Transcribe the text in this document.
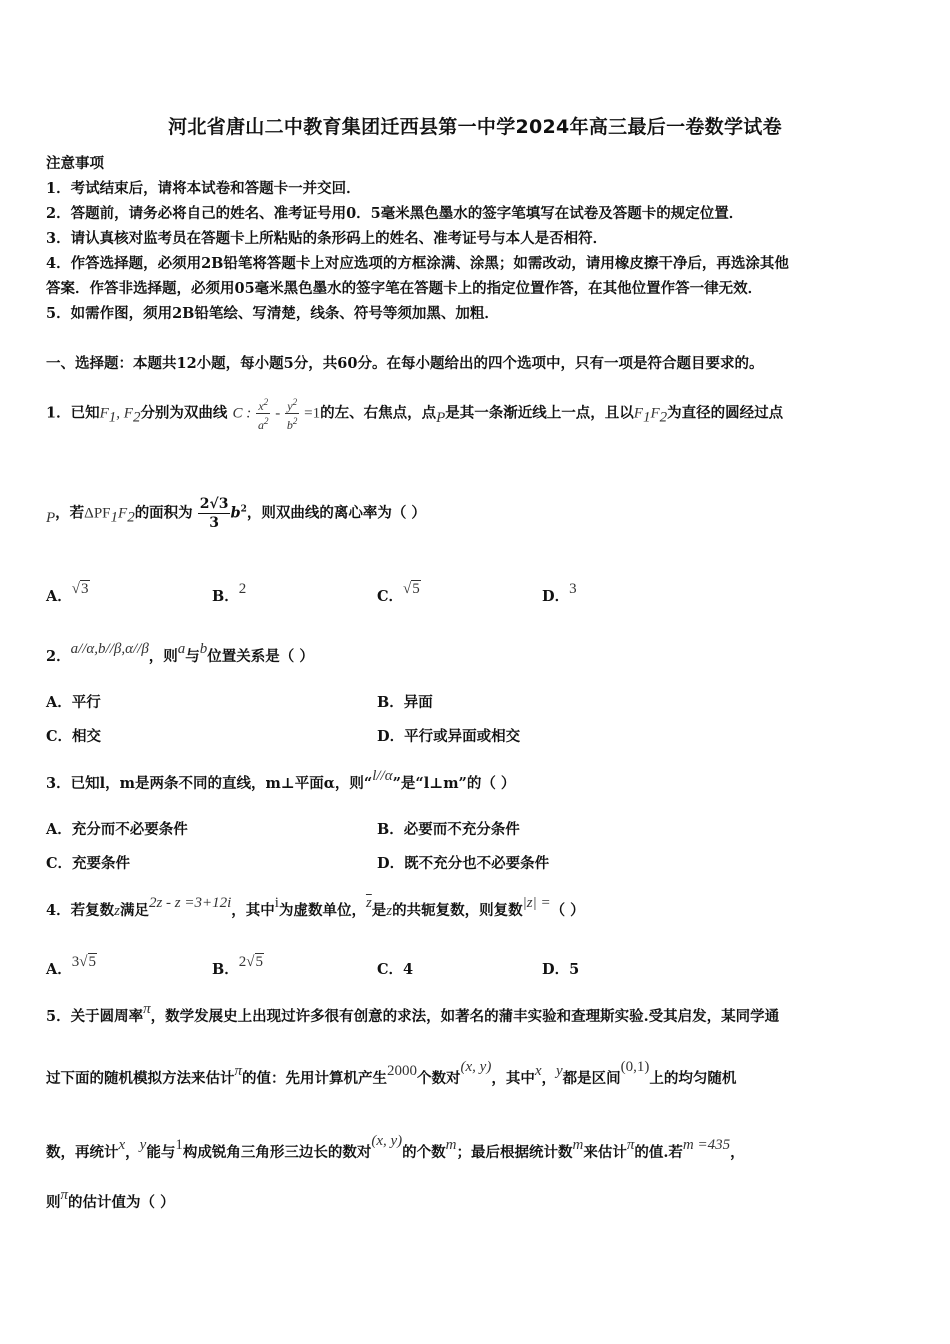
河北省唐山二中教育集团迁西县第一中学2024年高三最后一卷数学试卷
注意事项
1．考试结束后，请将本试卷和答题卡一并交回．
2．答题前，请务必将自己的姓名、准考证号用0．5毫米黑色墨水的签字笔填写在试卷及答题卡的规定位置．
3．请认真核对监考员在答题卡上所粘贴的条形码上的姓名、准考证号与本人是否相符．
4．作答选择题，必须用2B铅笔将答题卡上对应选项的方框涂满、涂黑；如需改动，请用橡皮擦干净后，再选涂其他
答案．作答非选择题，必须用05毫米黑色墨水的签字笔在答题卡上的指定位置作答，在其他位置作答一律无效．
5．如需作图，须用2B铅笔绘、写清楚，线条、符号等须加黑、加粗．
一、选择题：本题共12小题，每小题5分，共60分。在每小题给出的四个选项中，只有一项是符合题目要求的。
1．已知$F_1$, $F_2$分别为双曲线 C : $\frac{x^2}{a^2} - \frac{y^2}{b^2} =1$的左、右焦点，点P是其一条渐近线上一点，且以$F_1F_2$为直径的圆经过点
P，若$\Delta PF_1F_2$的面积为 $\frac{2√3}{3} b^2$，则双曲线的离心率为（ ）
A．√3	B．2	C．√5	D．3
2．a//α,b//β,α//β，则a与b位置关系是（ ）
A．平行	B．异面
C．相交	D．平行或异面或相交
3．已知l，m是两条不同的直线，m⊥平面α，则“l//α”是“l⊥m”的（ ）
A．充分而不必要条件	B．必要而不充分条件
C．充要条件	D．既不充分也不必要条件
4．若复数z满足2z - z =3+12i，其中i为虚数单位，$\overline{z}$是z的共轭复数，则复数|z| =（ ）
A．3√5	B．2√5	C．4	D．5
5．关于圆周率π，数学发展史上出现过许多很有创意的求法，如著名的蒲丰实验和查理斯实验.受其启发，某同学通
过下面的随机模拟方法来估计π的值：先用计算机产生2000个数对(x, y)，其中x，y都是区间(0,1)上的均匀随机
数，再统计x，y能与1构成锐角三角形三边长的数对(x, y)的个数m；最后根据统计数m来估计π的值.若m =435，
则π的估计值为（ ）
